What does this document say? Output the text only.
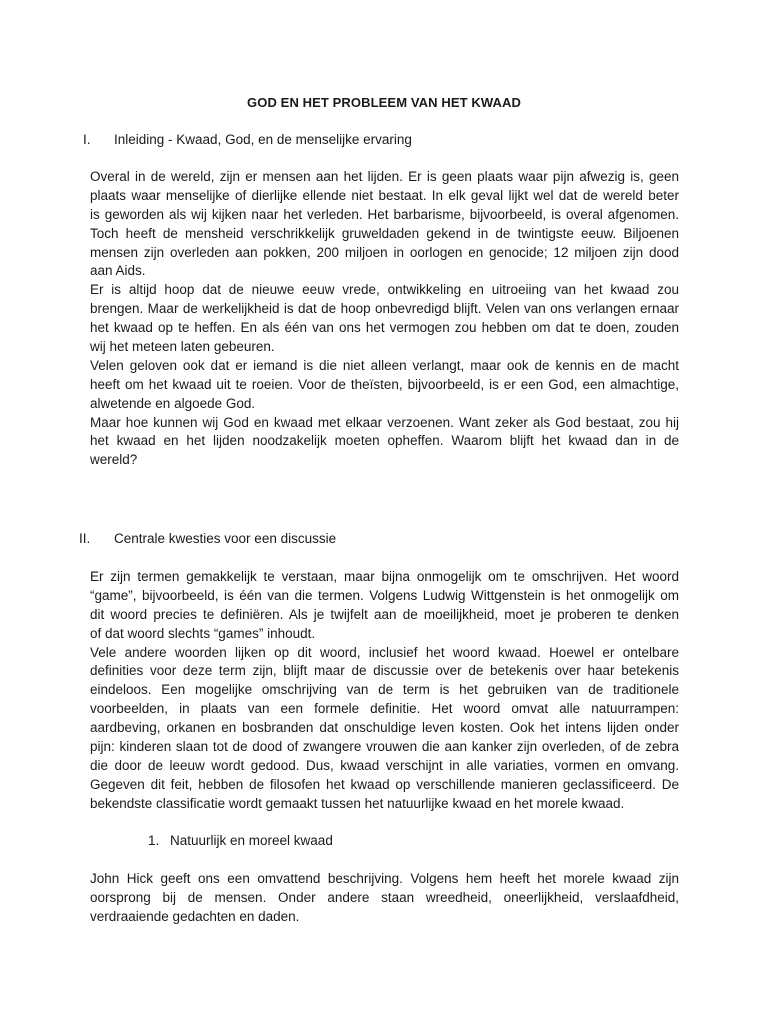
GOD EN HET PROBLEEM VAN HET KWAAD
I. Inleiding - Kwaad, God, en de menselijke ervaring
Overal in de wereld, zijn er mensen aan het lijden. Er is geen plaats waar pijn afwezig is, geen
plaats waar menselijke of dierlijke ellende niet bestaat. In elk geval lijkt wel dat de wereld beter
is geworden als wij kijken naar het verleden. Het barbarisme, bijvoorbeeld, is overal afgenomen.
Toch heeft de mensheid verschrikkelijk gruweldaden gekend in de twintigste eeuw. Biljoenen
mensen zijn overleden aan pokken, 200 miljoen in oorlogen en genocide; 12 miljoen zijn dood
aan Aids.
Er is altijd hoop dat de nieuwe eeuw vrede, ontwikkeling en uitroeiing van het kwaad zou
brengen. Maar de werkelijkheid is dat de hoop onbevredigd blijft. Velen van ons verlangen ernaar
het kwaad op te heffen. En als één van ons het vermogen zou hebben om dat te doen, zouden
wij het meteen laten gebeuren.
Velen geloven ook dat er iemand is die niet alleen verlangt, maar ook de kennis en de macht
heeft om het kwaad uit te roeien. Voor de theïsten, bijvoorbeeld, is er een God, een almachtige,
alwetende en algoede God.
Maar hoe kunnen wij God en kwaad met elkaar verzoenen. Want zeker als God bestaat, zou hij
het kwaad en het lijden noodzakelijk moeten opheffen. Waarom blijft het kwaad dan in de
wereld?
II. Centrale kwesties voor een discussie
Er zijn termen gemakkelijk te verstaan, maar bijna onmogelijk om te omschrijven. Het woord
“game”, bijvoorbeeld, is één van die termen. Volgens Ludwig Wittgenstein is het onmogelijk om
dit woord precies te definiëren. Als je twijfelt aan de moeilijkheid, moet je proberen te denken
of dat woord slechts “games” inhoudt.
Vele andere woorden lijken op dit woord, inclusief het woord kwaad. Hoewel er ontelbare
definities voor deze term zijn, blijft maar de discussie over de betekenis over haar betekenis
eindeloos. Een mogelijke omschrijving van de term is het gebruiken van de traditionele
voorbeelden, in plaats van een formele definitie. Het woord omvat alle natuurrampen:
aardbeving, orkanen en bosbranden dat onschuldige leven kosten. Ook het intens lijden onder
pijn: kinderen slaan tot de dood of zwangere vrouwen die aan kanker zijn overleden, of de zebra
die door de leeuw wordt gedood. Dus, kwaad verschijnt in alle variaties, vormen en omvang.
Gegeven dit feit, hebben de filosofen het kwaad op verschillende manieren geclassificeerd. De
bekendste classificatie wordt gemaakt tussen het natuurlijke kwaad en het morele kwaad.
1. Natuurlijk en moreel kwaad
John Hick geeft ons een omvattend beschrijving. Volgens hem heeft het morele kwaad zijn
oorsprong bij de mensen. Onder andere staan wreedheid, oneerlijkheid, verslaafdheid,
verdraaiende gedachten en daden.
